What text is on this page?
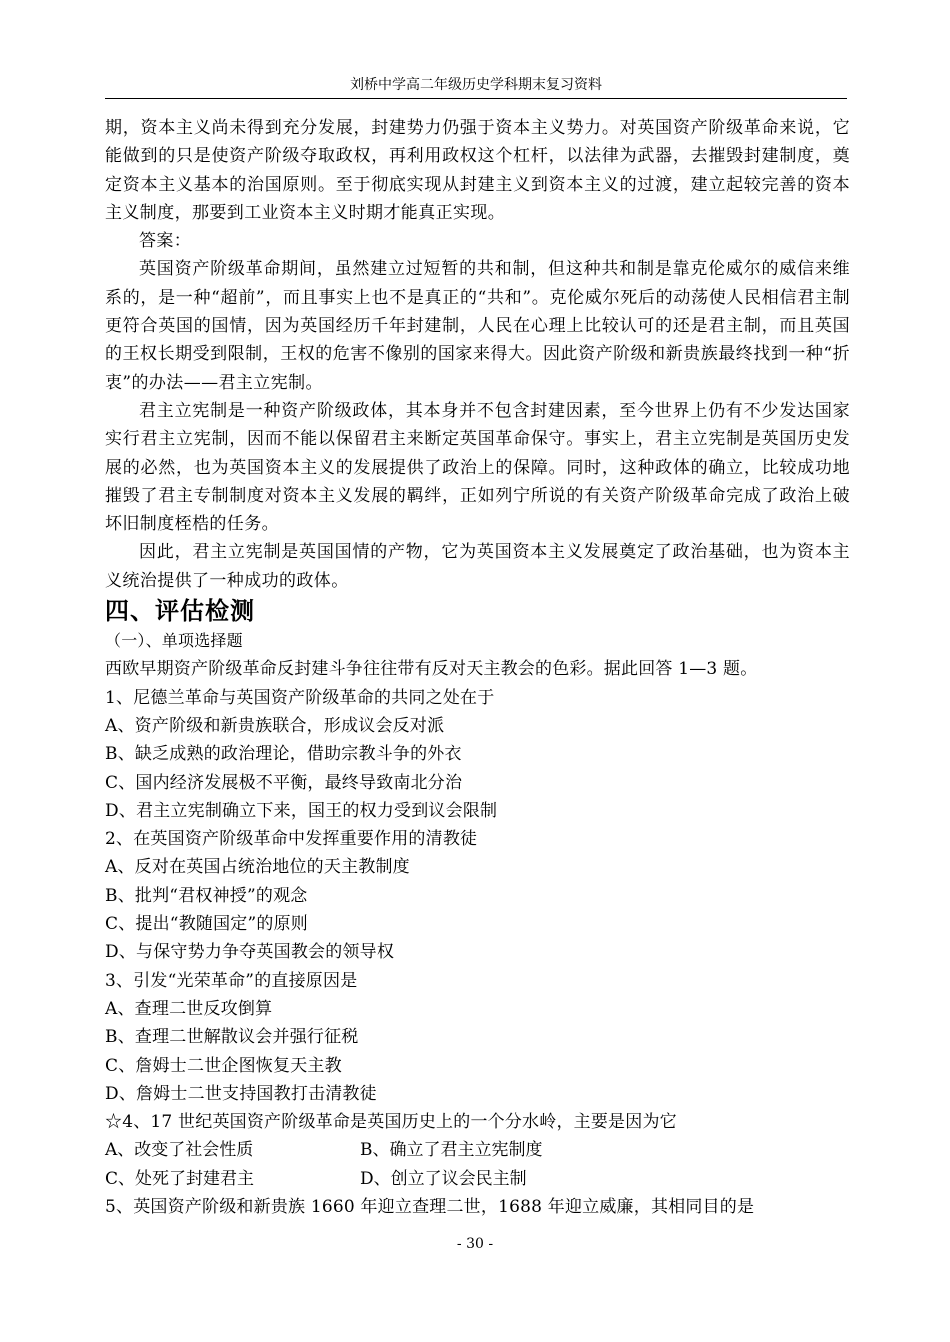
刘桥中学高二年级历史学科期末复习资料

期，资本主义尚未得到充分发展，封建势力仍强于资本主义势力。对英国资产阶级革命来说，它能做到的只是使资产阶级夺取政权，再利用政权这个杠杆，以法律为武器，去摧毁封建制度，奠定资本主义基本的治国原则。至于彻底实现从封建主义到资本主义的过渡，建立起较完善的资本主义制度，那要到工业资本主义时期才能真正实现。

答案：

英国资产阶级革命期间，虽然建立过短暂的共和制，但这种共和制是靠克伦威尔的威信来维系的，是一种“超前”，而且事实上也不是真正的“共和”。克伦威尔死后的动荡使人民相信君主制更符合英国的国情，因为英国经历千年封建制，人民在心理上比较认可的还是君主制，而且英国的王权长期受到限制，王权的危害不像别的国家来得大。因此资产阶级和新贵族最终找到一种“折衷”的办法——君主立宪制。

君主立宪制是一种资产阶级政体，其本身并不包含封建因素，至今世界上仍有不少发达国家实行君主立宪制，因而不能以保留君主来断定英国革命保守。事实上，君主立宪制是英国历史发展的必然，也为英国资本主义的发展提供了政治上的保障。同时，这种政体的确立，比较成功地摧毁了君主专制制度对资本主义发展的羁绊，正如列宁所说的有关资产阶级革命完成了政治上破坏旧制度桎梏的任务。

因此，君主立宪制是英国国情的产物，它为英国资本主义发展奠定了政治基础，也为资本主义统治提供了一种成功的政体。

四、评估检测

（一）、单项选择题

西欧早期资产阶级革命反封建斗争往往带有反对天主教会的色彩。据此回答 1—3 题。

1、尼德兰革命与英国资产阶级革命的共同之处在于

A、资产阶级和新贵族联合，形成议会反对派

B、缺乏成熟的政治理论，借助宗教斗争的外衣

C、国内经济发展极不平衡，最终导致南北分治

D、君主立宪制确立下来，国王的权力受到议会限制

2、在英国资产阶级革命中发挥重要作用的清教徒

A、反对在英国占统治地位的天主教制度

B、批判“君权神授”的观念

C、提出“教随国定”的原则

D、与保守势力争夺英国教会的领导权

3、引发“光荣革命”的直接原因是

A、查理二世反攻倒算

B、查理二世解散议会并强行征税

C、詹姆士二世企图恢复天主教

D、詹姆士二世支持国教打击清教徒

☆4、17 世纪英国资产阶级革命是英国历史上的一个分水岭，主要是因为它

A、改变了社会性质	B、确立了君主立宪制度
C、处死了封建君主	D、创立了议会民主制

5、英国资产阶级和新贵族 1660 年迎立查理二世，1688 年迎立威廉，其相同目的是

- 30 -
